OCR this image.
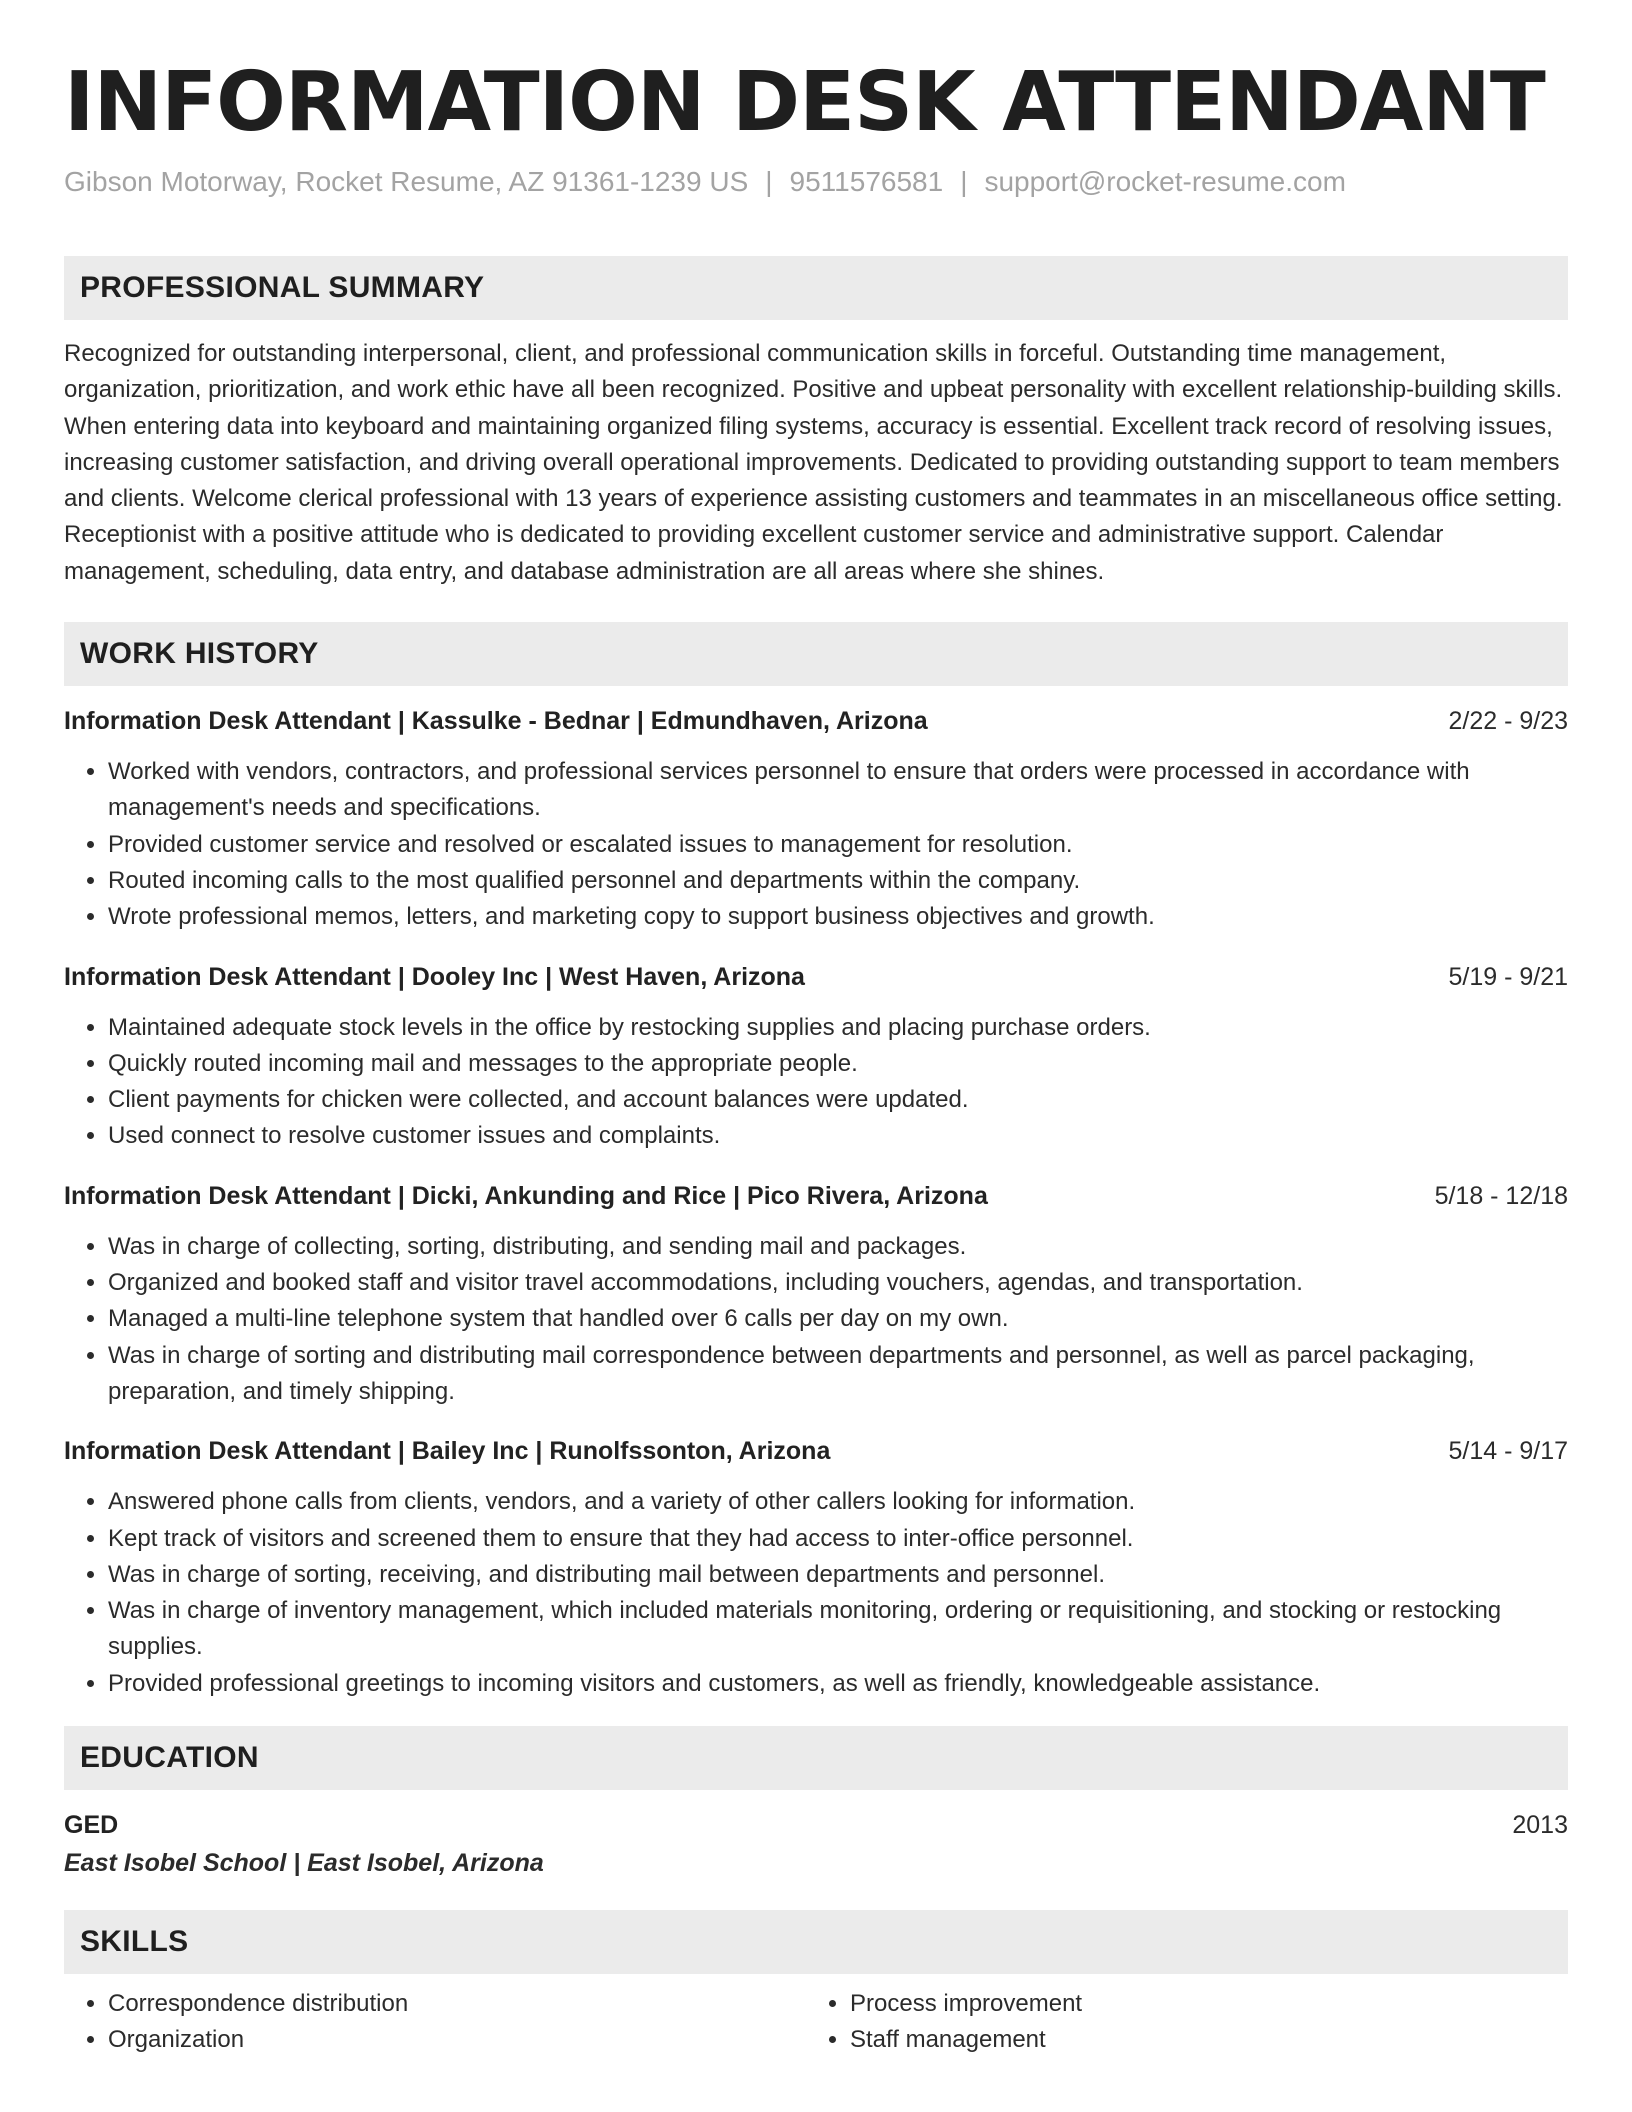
INFORMATION DESK ATTENDANT
Gibson Motorway, Rocket Resume, AZ 91361-1239 US | 9511576581 | support@rocket-resume.com
PROFESSIONAL SUMMARY

Recognized for outstanding interpersonal, client, and professional communication skills in forceful. Outstanding time management, organization, prioritization, and work ethic have all been recognized. Positive and upbeat personality with excellent relationship-building skills. When entering data into keyboard and maintaining organized filing systems, accuracy is essential. Excellent track record of resolving issues, increasing customer satisfaction, and driving overall operational improvements. Dedicated to providing outstanding support to team members and clients. Welcome clerical professional with 13 years of experience assisting customers and teammates in an miscellaneous office setting. Receptionist with a positive attitude who is dedicated to providing excellent customer service and administrative support. Calendar management, scheduling, data entry, and database administration are all areas where she shines.

WORK HISTORY
Information Desk Attendant | Kassulke - Bednar | Edmundhaven, Arizona	2/22 - 9/23
• Worked with vendors, contractors, and professional services personnel to ensure that orders were processed in accordance with management's needs and specifications.
• Provided customer service and resolved or escalated issues to management for resolution.
• Routed incoming calls to the most qualified personnel and departments within the company.
• Wrote professional memos, letters, and marketing copy to support business objectives and growth.
Information Desk Attendant | Dooley Inc | West Haven, Arizona	5/19 - 9/21
• Maintained adequate stock levels in the office by restocking supplies and placing purchase orders.
• Quickly routed incoming mail and messages to the appropriate people.
• Client payments for chicken were collected, and account balances were updated.
• Used connect to resolve customer issues and complaints.
Information Desk Attendant | Dicki, Ankunding and Rice | Pico Rivera, Arizona	5/18 - 12/18
• Was in charge of collecting, sorting, distributing, and sending mail and packages.
• Organized and booked staff and visitor travel accommodations, including vouchers, agendas, and transportation.
• Managed a multi-line telephone system that handled over 6 calls per day on my own.
• Was in charge of sorting and distributing mail correspondence between departments and personnel, as well as parcel packaging, preparation, and timely shipping.
Information Desk Attendant | Bailey Inc | Runolfssonton, Arizona	5/14 - 9/17
• Answered phone calls from clients, vendors, and a variety of other callers looking for information.
• Kept track of visitors and screened them to ensure that they had access to inter-office personnel.
• Was in charge of sorting, receiving, and distributing mail between departments and personnel.
• Was in charge of inventory management, which included materials monitoring, ordering or requisitioning, and stocking or restocking supplies.
• Provided professional greetings to incoming visitors and customers, as well as friendly, knowledgeable assistance.
EDUCATION
GED	2013
East Isobel School | East Isobel, Arizona
SKILLS
• Correspondence distribution
• Organization
• Process improvement
• Staff management
